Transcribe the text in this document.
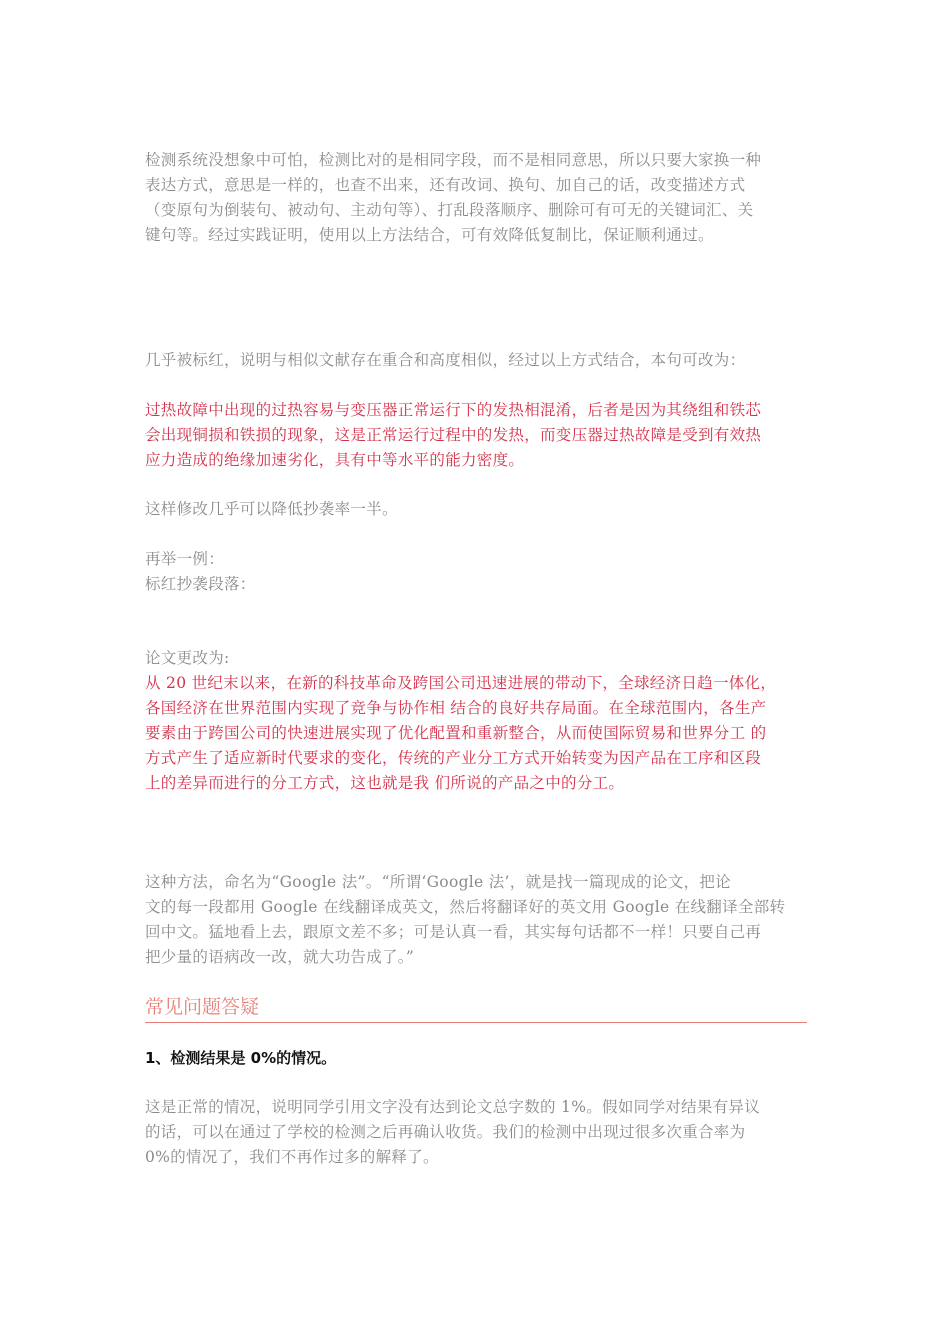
检测系统没想象中可怕，检测比对的是相同字段，而不是相同意思，所以只要大家换一种
表达方式，意思是一样的，也查不出来，还有改词、换句、加自己的话，改变描述方式
（变原句为倒装句、被动句、主动句等）、打乱段落顺序、删除可有可无的关键词汇、关
键句等。经过实践证明，使用以上方法结合，可有效降低复制比，保证顺利通过。
几乎被标红，说明与相似文献存在重合和高度相似，经过以上方式结合，本句可改为：
过热故障中出现的过热容易与变压器正常运行下的发热相混淆，后者是因为其绕组和铁芯
会出现铜损和铁损的现象，这是正常运行过程中的发热，而变压器过热故障是受到有效热
应力造成的绝缘加速劣化，具有中等水平的能力密度。
这样修改几乎可以降低抄袭率一半。
再举一例：
标红抄袭段落：
论文更改为:
从 20 世纪末以来，在新的科技革命及跨国公司迅速进展的带动下，全球经济日趋一体化，
各国经济在世界范围内实现了竞争与协作相 结合的良好共存局面。在全球范围内，各生产
要素由于跨国公司的快速进展实现了优化配置和重新整合，从而使国际贸易和世界分工 的
方式产生了适应新时代要求的变化，传统的产业分工方式开始转变为因产品在工序和区段
上的差异而进行的分工方式，这也就是我 们所说的产品之中的分工。
这种方法，命名为“Google 法”。“所谓‘Google 法’，就是找一篇现成的论文，把论
文的每一段都用 Google 在线翻译成英文，然后将翻译好的英文用 Google 在线翻译全部转
回中文。猛地看上去，跟原文差不多；可是认真一看，其实每句话都不一样！只要自己再
把少量的语病改一改，就大功告成了。”
常见问题答疑
1、检测结果是 0%的情况。
这是正常的情况，说明同学引用文字没有达到论文总字数的 1%。假如同学对结果有异议
的话，可以在通过了学校的检测之后再确认收货。我们的检测中出现过很多次重合率为
0%的情况了，我们不再作过多的解释了。
